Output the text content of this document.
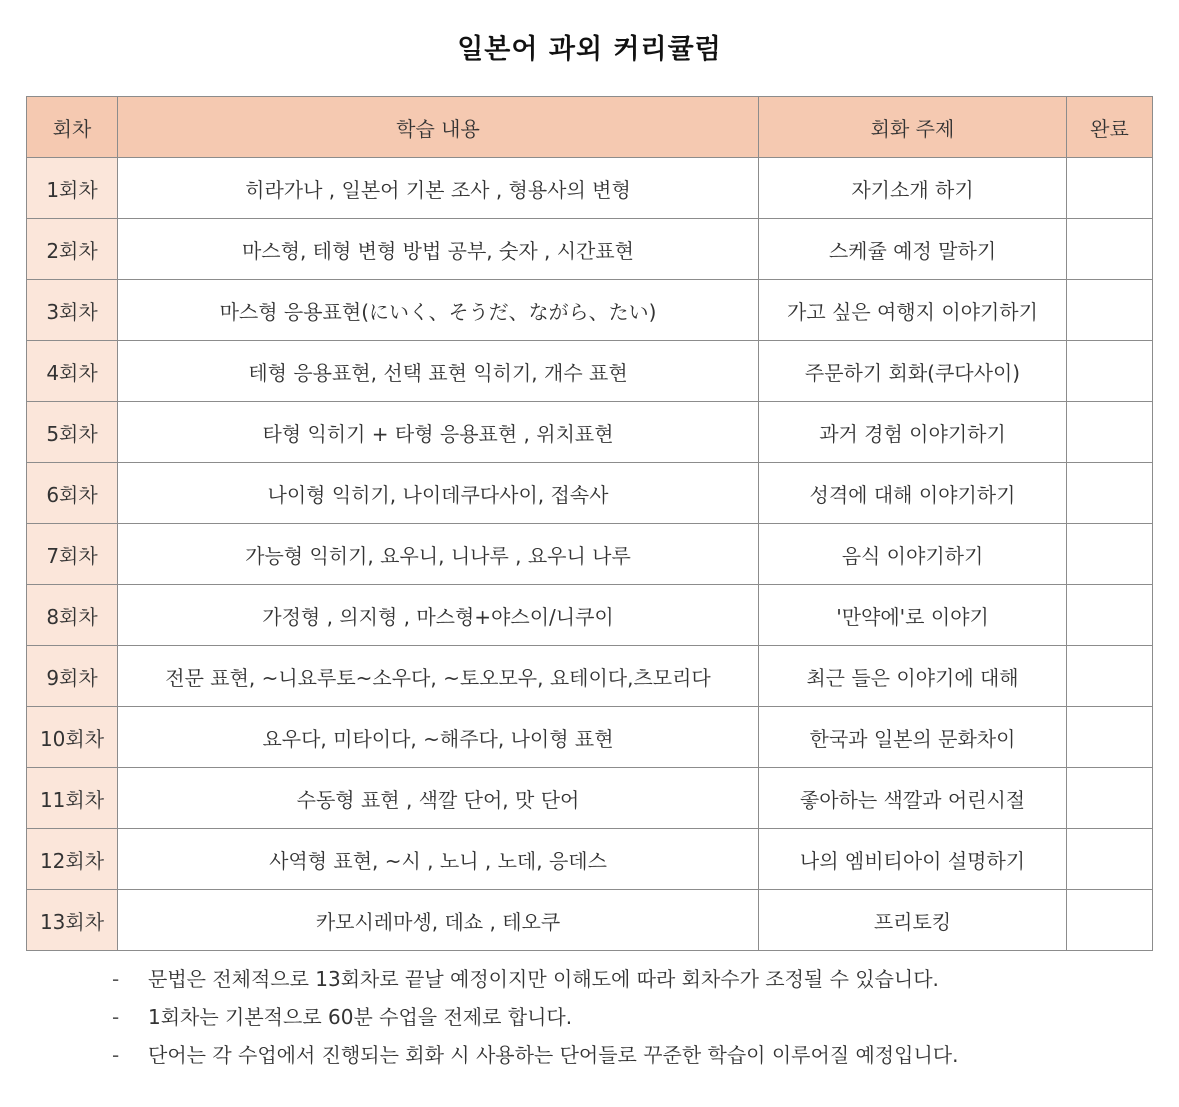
일본어 과외 커리큘럼
회차	학습 내용	회화 주제	완료
1회차	히라가나 , 일본어 기본 조사 , 형용사의 변형	자기소개 하기	
2회차	마스형, 테형 변형 방법 공부, 숫자 , 시간표현	스케쥴 예정 말하기	
3회차	마스형 응용표현(にいく、そうだ、ながら、たい)	가고 싶은 여행지 이야기하기	
4회차	테형 응용표현, 선택 표현 익히기, 개수 표현	주문하기 회화(쿠다사이)	
5회차	타형 익히기 + 타형 응용표현 , 위치표현	과거 경험 이야기하기	
6회차	나이형 익히기, 나이데쿠다사이, 접속사	성격에 대해 이야기하기	
7회차	가능형 익히기, 요우니, 니나루 , 요우니 나루	음식 이야기하기	
8회차	가정형 , 의지형 , 마스형+야스이/니쿠이	'만약에'로 이야기	
9회차	전문 표현, ~니요루토~소우다, ~토오모우, 요테이다,츠모리다	최근 들은 이야기에 대해	
10회차	요우다, 미타이다, ~해주다, 나이형 표현	한국과 일본의 문화차이	
11회차	수동형 표현 , 색깔 단어, 맛 단어	좋아하는 색깔과 어린시절	
12회차	사역형 표현, ~시 , 노니 , 노데, 응데스	나의 엠비티아이 설명하기	
13회차	카모시레마셍, 데쇼 , 테오쿠	프리토킹	
- 문법은 전체적으로 13회차로 끝날 예정이지만 이해도에 따라 회차수가 조정될 수 있습니다.
- 1회차는 기본적으로 60분 수업을 전제로 합니다.
- 단어는 각 수업에서 진행되는 회화 시 사용하는 단어들로 꾸준한 학습이 이루어질 예정입니다.
